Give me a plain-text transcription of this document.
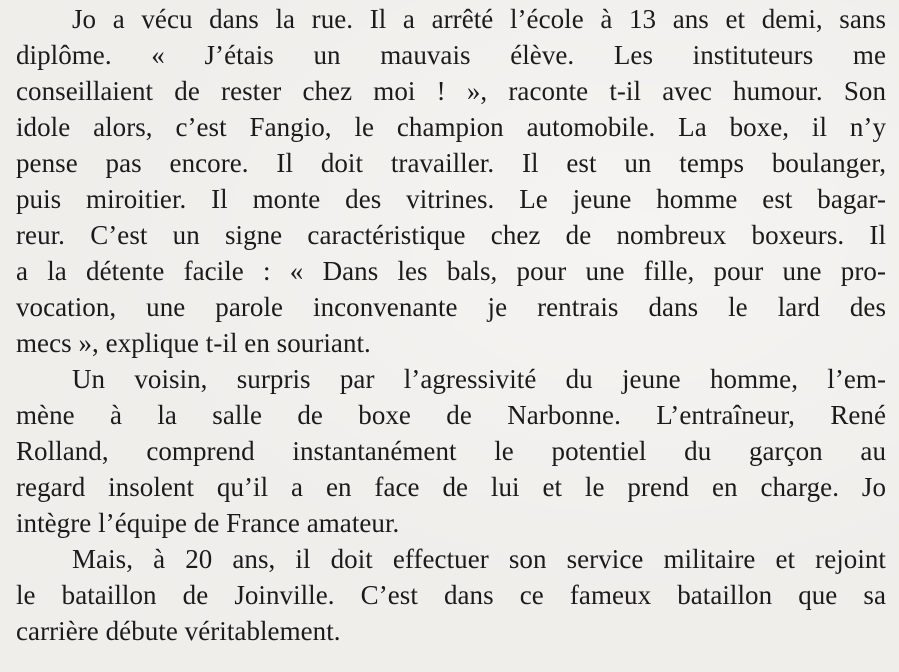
Jo a vécu dans la rue. Il a arrêté l’école à 13 ans et demi, sans
diplôme. « J’étais un mauvais élève. Les instituteurs me
conseillaient de rester chez moi ! », raconte t-il avec humour. Son
idole alors, c’est Fangio, le champion automobile. La boxe, il n’y
pense pas encore. Il doit travailler. Il est un temps boulanger,
puis miroitier. Il monte des vitrines. Le jeune homme est bagar-
reur. C’est un signe caractéristique chez de nombreux boxeurs. Il
a la détente facile : « Dans les bals, pour une fille, pour une pro-
vocation, une parole inconvenante je rentrais dans le lard des
mecs », explique t-il en souriant.
Un voisin, surpris par l’agressivité du jeune homme, l’em-
mène à la salle de boxe de Narbonne. L’entraîneur, René
Rolland, comprend instantanément le potentiel du garçon au
regard insolent qu’il a en face de lui et le prend en charge. Jo
intègre l’équipe de France amateur.
Mais, à 20 ans, il doit effectuer son service militaire et rejoint
le bataillon de Joinville. C’est dans ce fameux bataillon que sa
carrière débute véritablement.
